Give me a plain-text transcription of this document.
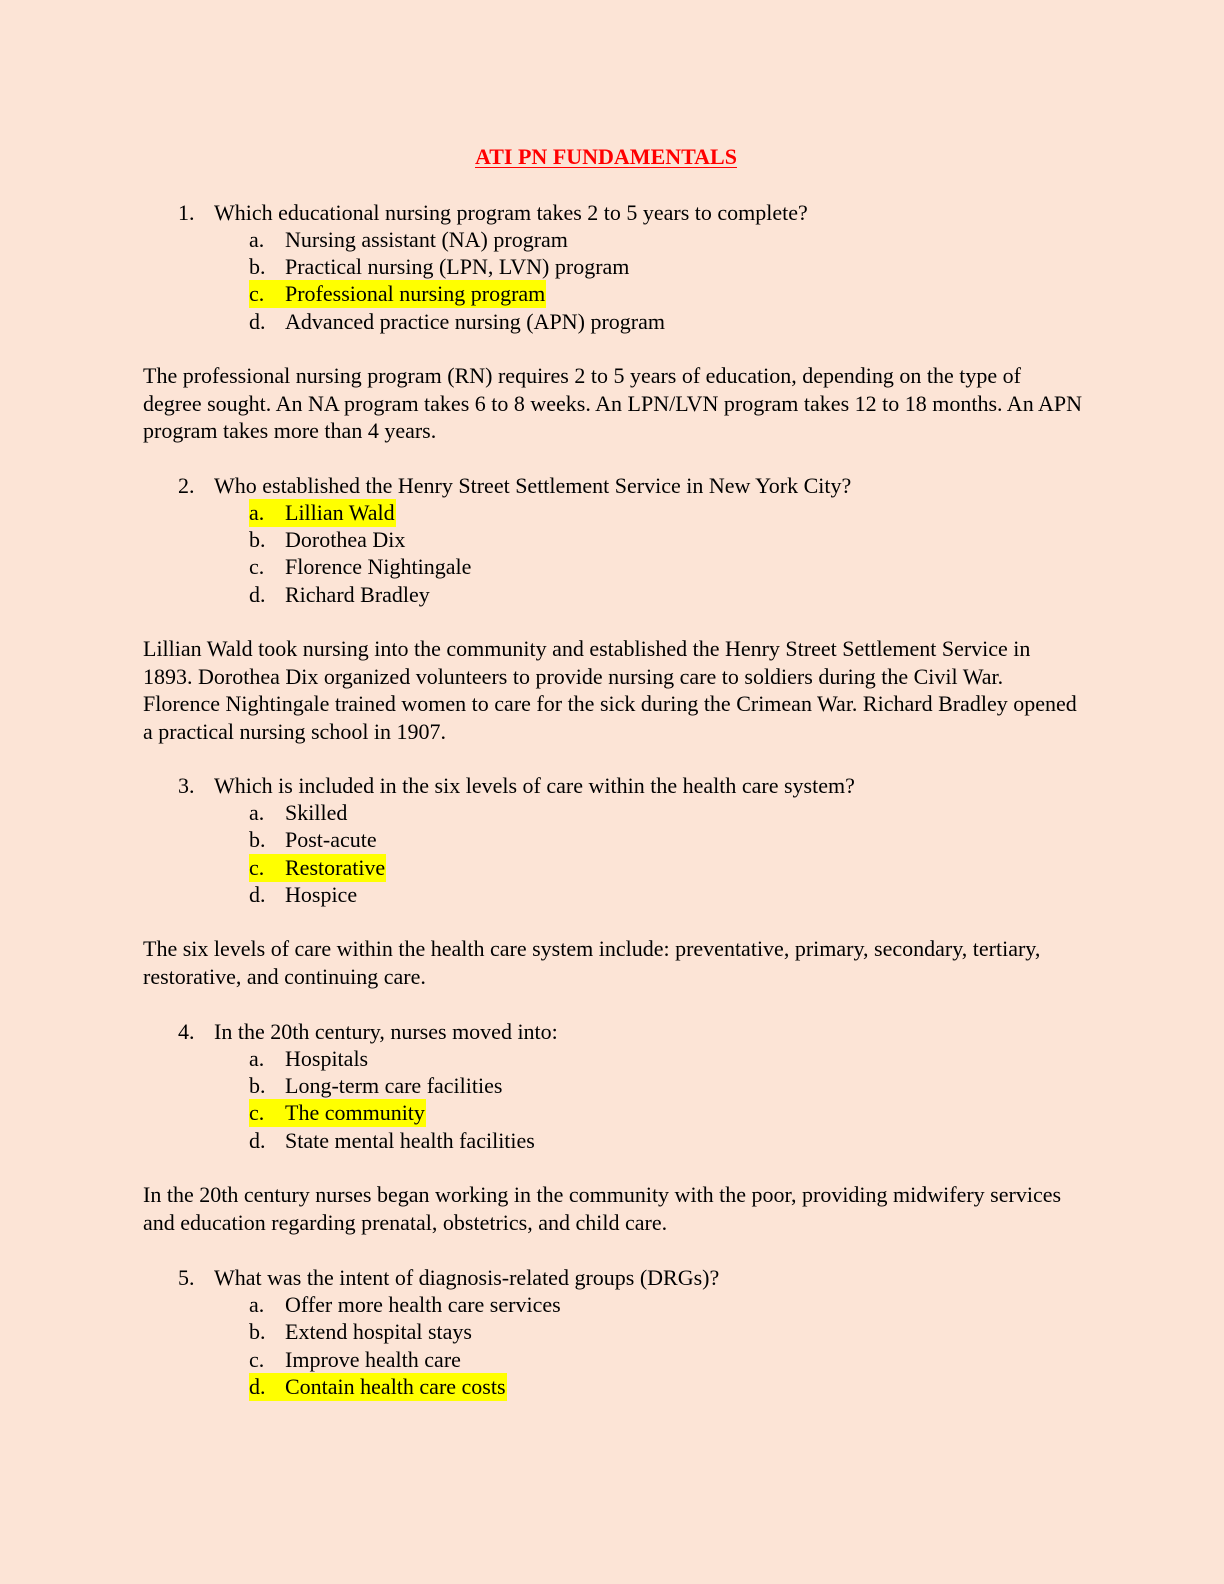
ATI PN FUNDAMENTALS
1. Which educational nursing program takes 2 to 5 years to complete?
a. Nursing assistant (NA) program
b. Practical nursing (LPN, LVN) program
c. Professional nursing program
d. Advanced practice nursing (APN) program

The professional nursing program (RN) requires 2 to 5 years of education, depending on the type of degree sought. An NA program takes 6 to 8 weeks. An LPN/LVN program takes 12 to 18 months. An APN program takes more than 4 years.

2. Who established the Henry Street Settlement Service in New York City?
a. Lillian Wald
b. Dorothea Dix
c. Florence Nightingale
d. Richard Bradley

Lillian Wald took nursing into the community and established the Henry Street Settlement Service in 1893. Dorothea Dix organized volunteers to provide nursing care to soldiers during the Civil War. Florence Nightingale trained women to care for the sick during the Crimean War. Richard Bradley opened a practical nursing school in 1907.

3. Which is included in the six levels of care within the health care system?
a. Skilled
b. Post-acute
c. Restorative
d. Hospice

The six levels of care within the health care system include: preventative, primary, secondary, tertiary, restorative, and continuing care.

4. In the 20th century, nurses moved into:
a. Hospitals
b. Long-term care facilities
c. The community
d. State mental health facilities

In the 20th century nurses began working in the community with the poor, providing midwifery services and education regarding prenatal, obstetrics, and child care.

5. What was the intent of diagnosis-related groups (DRGs)?
a. Offer more health care services
b. Extend hospital stays
c. Improve health care
d. Contain health care costs
